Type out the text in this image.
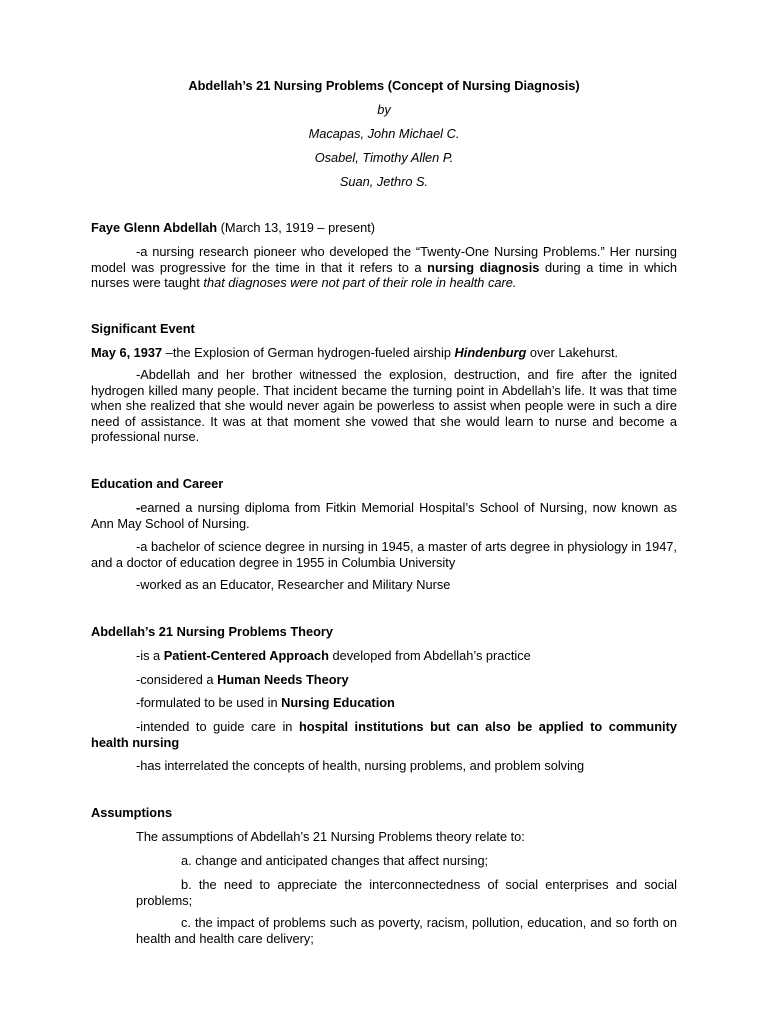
Abdellah’s 21 Nursing Problems (Concept of Nursing Diagnosis)
by
Macapas, John Michael C.
Osabel, Timothy Allen P.
Suan, Jethro S.
Faye Glenn Abdellah (March 13, 1919 – present)
-a nursing research pioneer who developed the “Twenty-One Nursing Problems.” Her nursing model was progressive for the time in that it refers to a nursing diagnosis during a time in which nurses were taught that diagnoses were not part of their role in health care.
Significant Event
May 6, 1937 –the Explosion of German hydrogen-fueled airship Hindenburg over Lakehurst.
-Abdellah and her brother witnessed the explosion, destruction, and fire after the ignited hydrogen killed many people. That incident became the turning point in Abdellah’s life. It was that time when she realized that she would never again be powerless to assist when people were in such a dire need of assistance. It was at that moment she vowed that she would learn to nurse and become a professional nurse.
Education and Career
-earned a nursing diploma from Fitkin Memorial Hospital’s School of Nursing, now known as Ann May School of Nursing.
-a bachelor of science degree in nursing in 1945, a master of arts degree in physiology in 1947, and a doctor of education degree in 1955 in Columbia University
-worked as an Educator, Researcher and Military Nurse
Abdellah’s 21 Nursing Problems Theory
-is a Patient-Centered Approach developed from Abdellah’s practice
-considered a Human Needs Theory
-formulated to be used in Nursing Education
-intended to guide care in hospital institutions but can also be applied to community health nursing
-has interrelated the concepts of health, nursing problems, and problem solving
Assumptions
The assumptions of Abdellah’s 21 Nursing Problems theory relate to:
a. change and anticipated changes that affect nursing;
b. the need to appreciate the interconnectedness of social enterprises and social problems;
c. the impact of problems such as poverty, racism, pollution, education, and so forth on health and health care delivery;
